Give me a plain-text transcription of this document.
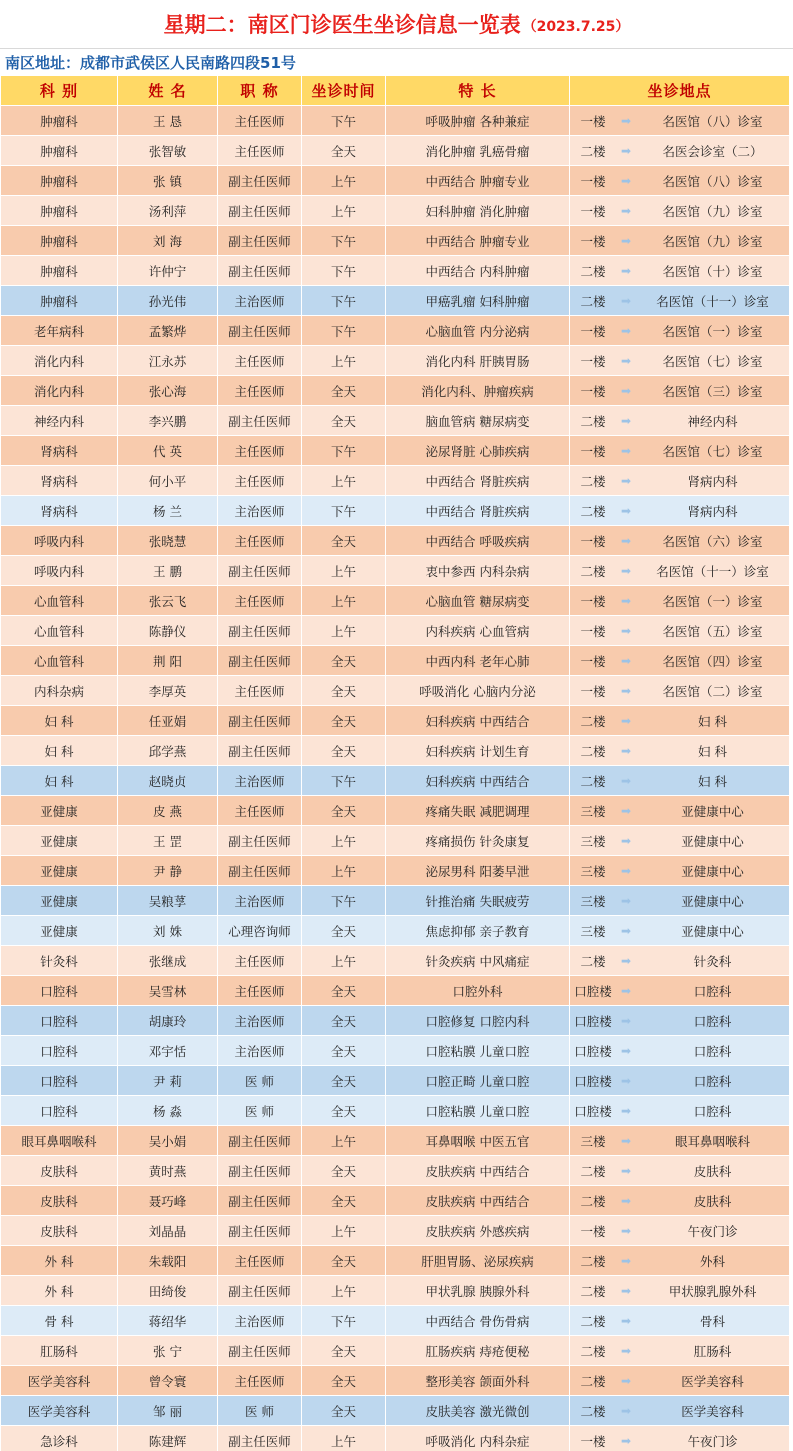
星期二：南区门诊医生坐诊信息一览表 （2023.7.25）
南区地址： 成都市武侯区人民南路四段51号
科 别	姓 名	职 称	坐诊时间	特 长	坐诊地点
肿瘤科	王 恳	主任医师	下午	呼吸肿瘤 各种兼症	一楼 ➡ 名医馆（八）诊室

肿瘤科	张智敏	主任医师	全天	消化肿瘤 乳癌骨瘤	二楼 ➡ 名医会诊室（二）

肿瘤科	张 镇	副主任医师	上午	中西结合 肿瘤专业	一楼 ➡ 名医馆（八）诊室

肿瘤科	汤利萍	副主任医师	上午	妇科肿瘤 消化肿瘤	一楼 ➡ 名医馆（九）诊室

肿瘤科	刘 海	副主任医师	下午	中西结合 肿瘤专业	一楼 ➡ 名医馆（九）诊室

肿瘤科	许仲宁	副主任医师	下午	中西结合 内科肿瘤	二楼 ➡ 名医馆（十）诊室

肿瘤科	孙光伟	主治医师	下午	甲癌乳瘤 妇科肿瘤	二楼 ➡ 名医馆（十一）诊室

老年病科	孟繁烨	副主任医师	下午	心脑血管 内分泌病	一楼 ➡ 名医馆（一）诊室

消化内科	江永苏	主任医师	上午	消化内科 肝胰胃肠	一楼 ➡ 名医馆（七）诊室

消化内科	张心海	主任医师	全天	消化内科、肿瘤疾病	一楼 ➡ 名医馆（三）诊室

神经内科	李兴鹏	副主任医师	全天	脑血管病 糖尿病变	二楼 ➡ 神经内科

肾病科	代 英	主任医师	下午	泌尿肾脏 心肺疾病	一楼 ➡ 名医馆（七）诊室

肾病科	何小平	主任医师	上午	中西结合 肾脏疾病	二楼 ➡ 肾病内科

肾病科	杨 兰	主治医师	下午	中西结合 肾脏疾病	二楼 ➡ 肾病内科

呼吸内科	张晓慧	主任医师	全天	中西结合 呼吸疾病	一楼 ➡ 名医馆（六）诊室

呼吸内科	王 鹏	副主任医师	上午	衷中参西 内科杂病	二楼 ➡ 名医馆（十一）诊室

心血管科	张云飞	主任医师	上午	心脑血管 糖尿病变	一楼 ➡ 名医馆（一）诊室

心血管科	陈静仪	副主任医师	上午	内科疾病 心血管病	一楼 ➡ 名医馆（五）诊室

心血管科	荆 阳	副主任医师	全天	中西内科 老年心肺	一楼 ➡ 名医馆（四）诊室

内科杂病	李厚英	主任医师	全天	呼吸消化 心脑内分泌	一楼 ➡ 名医馆（二）诊室

妇 科	任亚娟	副主任医师	全天	妇科疾病 中西结合	二楼 ➡ 妇 科

妇 科	邱学燕	副主任医师	全天	妇科疾病 计划生育	二楼 ➡ 妇 科

妇 科	赵晓贞	主治医师	下午	妇科疾病 中西结合	二楼 ➡ 妇 科

亚健康	皮 燕	主任医师	全天	疼痛失眠 减肥调理	三楼 ➡ 亚健康中心

亚健康	王 罡	副主任医师	上午	疼痛损伤 针灸康复	三楼 ➡ 亚健康中心

亚健康	尹 静	副主任医师	上午	泌尿男科 阳萎早泄	三楼 ➡ 亚健康中心

亚健康	吴粮莩	主治医师	下午	针推治痛 失眠疲劳	三楼 ➡ 亚健康中心

亚健康	刘 姝	心理咨询师	全天	焦虑抑郁 亲子教育	三楼 ➡ 亚健康中心

针灸科	张继成	主任医师	上午	针灸疾病 中风痛症	二楼 ➡ 针灸科

口腔科	吴雪林	主任医师	全天	口腔外科	口腔楼 ➡ 口腔科

口腔科	胡康玲	主治医师	全天	口腔修复 口腔内科	口腔楼 ➡ 口腔科

口腔科	邓宇恬	主治医师	全天	口腔粘膜 儿童口腔	口腔楼 ➡ 口腔科

口腔科	尹 莉	医 师	全天	口腔正畸 儿童口腔	口腔楼 ➡ 口腔科

口腔科	杨 淼	医 师	全天	口腔粘膜 儿童口腔	口腔楼 ➡ 口腔科

眼耳鼻咽喉科	吴小娟	副主任医师	上午	耳鼻咽喉 中医五官	三楼 ➡ 眼耳鼻咽喉科

皮肤科	黄时燕	副主任医师	全天	皮肤疾病 中西结合	二楼 ➡ 皮肤科

皮肤科	聂巧峰	副主任医师	全天	皮肤疾病 中西结合	二楼 ➡ 皮肤科

皮肤科	刘晶晶	副主任医师	上午	皮肤疾病 外感疾病	一楼 ➡ 午夜门诊

外 科	朱载阳	主任医师	全天	肝胆胃肠、泌尿疾病	二楼 ➡ 外科

外 科	田绮俊	副主任医师	上午	甲状乳腺 胰腺外科	二楼 ➡ 甲状腺乳腺外科

骨 科	蒋绍华	主治医师	下午	中西结合 骨伤骨病	二楼 ➡ 骨科

肛肠科	张 宁	副主任医师	全天	肛肠疾病 痔疮便秘	二楼 ➡ 肛肠科

医学美容科	曾令寰	主任医师	全天	整形美容 颌面外科	二楼 ➡ 医学美容科

医学美容科	邹 丽	医 师	全天	皮肤美容 激光微创	二楼 ➡ 医学美容科

急诊科	陈建辉	副主任医师	上午	呼吸消化 内科杂症	一楼 ➡ 午夜门诊
